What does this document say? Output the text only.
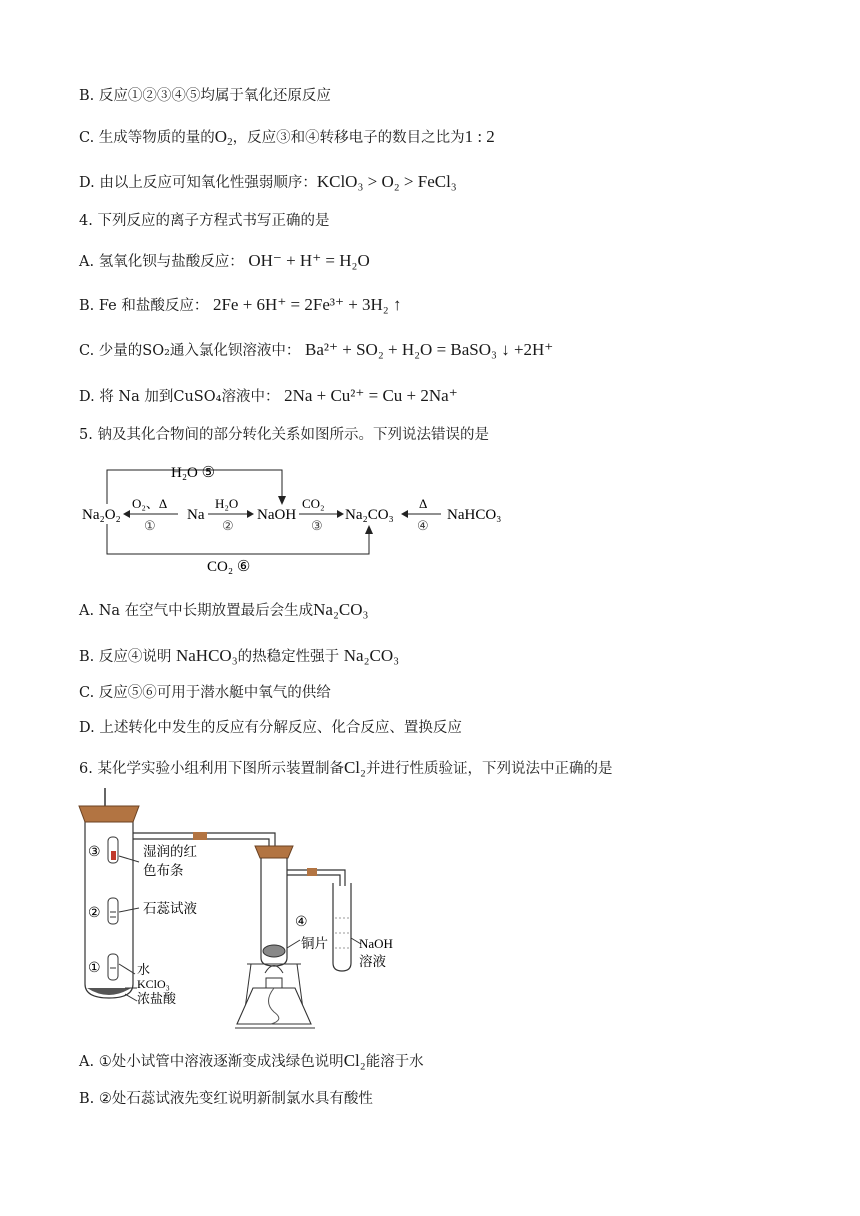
B. 反应①②③④⑤均属于氧化还原反应
C. 生成等物质的量的$O_2$，反应③和④转移电子的数目之比为1 : 2
D. 由以上反应可知氧化性强弱顺序：KClO₃ > O₂ > FeCl₃
4. 下列反应的离子方程式书写正确的是
A. 氢氧化钡与盐酸反应： OH⁻ + H⁺ = H₂O
B. Fe 和盐酸反应： 2Fe + 6H⁺ = 2Fe³⁺ + 3H₂ ↑
C. 少量的SO₂通入氯化钡溶液中： Ba²⁺ + SO₂ + H₂O = BaSO₃ ↓ +2H⁺
D. 将 Na 加到CuSO₄溶液中： 2Na + Cu²⁺ = Cu + 2Na⁺
5. 钠及其化合物间的部分转化关系如图所示。下列说法错误的是
H₂O ⑤
CO₂ ⑥
Na₂O₂	Na	NaOH	Na₂CO₃	NaHCO₃
O₂、Δ
①
H₂O
②
CO₂
③
Δ
④
A. Na 在空气中长期放置最后会生成Na₂CO₃
B. 反应④说明 NaHCO₃的热稳定性强于 Na₂CO₃
C. 反应⑤⑥可用于潜水艇中氧气的供给
D. 上述转化中发生的反应有分解反应、化合反应、置换反应
6. 某化学实验小组利用下图所示装置制备Cl₂并进行性质验证，下列说法中正确的是
③
②
①
湿润的红
色布条
石蕊试液
水
KClO₃
浓盐酸
铜片
④
NaOH
溶液
A. ①处小试管中溶液逐渐变成浅绿色说明Cl₂能溶于水
B. ②处石蕊试液先变红说明新制氯水具有酸性
